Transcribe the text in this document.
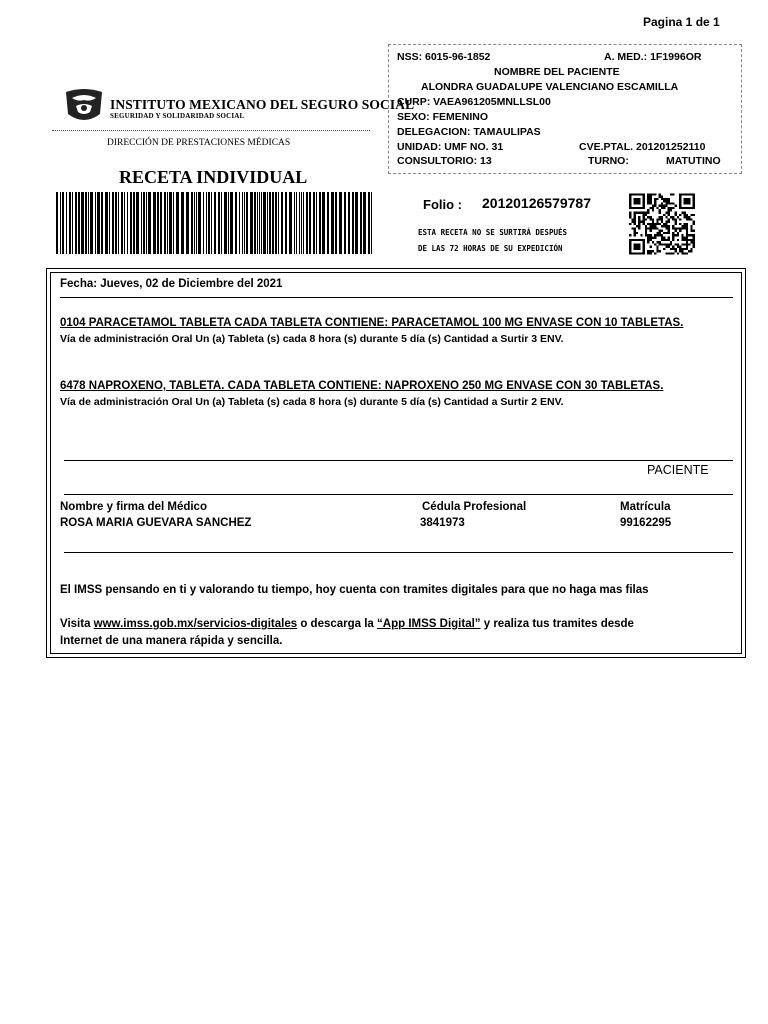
Pagina 1 de 1
INSTITUTO MEXICANO DEL SEGURO SOCIAL
SEGURIDAD Y SOLIDARIDAD SOCIAL
DIRECCIÓN DE PRESTACIONES MÉDICAS
RECETA INDIVIDUAL
NSS: 6015-96-1852	A. MED.: 1F1996OR
NOMBRE DEL PACIENTE
ALONDRA GUADALUPE VALENCIANO ESCAMILLA
CURP: VAEA961205MNLLSL00
SEXO: FEMENINO
DELEGACION: TAMAULIPAS
UNIDAD: UMF NO. 31	CVE.PTAL. 201201252110
CONSULTORIO: 13	TURNO:	MATUTINO
Folio : 20120126579787
ESTA RECETA NO SE SURTIRÁ DESPUÉS
DE LAS 72 HORAS DE SU EXPEDICIÓN
Fecha: Jueves, 02 de Diciembre del 2021
0104 PARACETAMOL TABLETA CADA TABLETA CONTIENE: PARACETAMOL 100 MG ENVASE CON 10 TABLETAS.
Vía de administración Oral Un (a) Tableta (s) cada 8 hora (s) durante 5 día (s) Cantidad a Surtir 3 ENV.
6478 NAPROXENO, TABLETA. CADA TABLETA CONTIENE: NAPROXENO 250 MG ENVASE CON 30 TABLETAS.
Vía de administración Oral Un (a) Tableta (s) cada 8 hora (s) durante 5 día (s) Cantidad a Surtir 2 ENV.
PACIENTE
Nombre y firma del Médico	Cédula Profesional	Matrícula
ROSA MARIA GUEVARA SANCHEZ	3841973	99162295
El IMSS pensando en ti y valorando tu tiempo, hoy cuenta con tramites digitales para que no haga mas filas
Visita www.imss.gob.mx/servicios-digitales o descarga la “App IMSS Digital” y realiza tus tramites desde
Internet de una manera rápida y sencilla.
